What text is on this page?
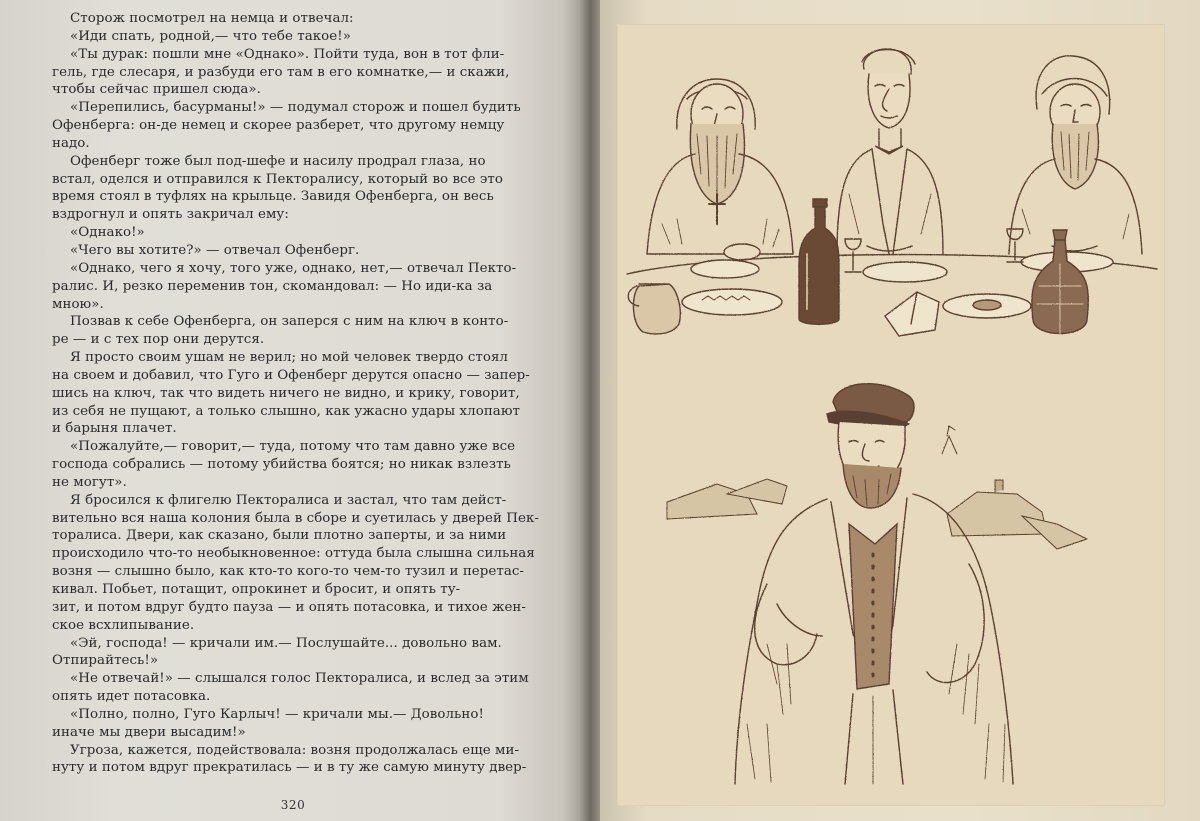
Сторож посмотрел на немца и отвечал:
«Иди спать, родной,— что тебе такое!»
«Ты дурак: пошли мне «Однако». Пойти туда, вон в тот фли-
гель, где слесаря, и разбуди его там в его комнатке,— и скажи,
чтобы сейчас пришел сюда».
«Перепились, басурманы!» — подумал сторож и пошел будить
Офенберга: он-де немец и скорее разберет, что другому немцу
надо.
Офенберг тоже был под-шефе и насилу продрал глаза, но
встал, оделся и отправился к Пекторалису, который во все это
время стоял в туфлях на крыльце. Завидя Офенберга, он весь
вздрогнул и опять закричал ему:
«Однако!»
«Чего вы хотите?» — отвечал Офенберг.
«Однако, чего я хочу, того уже, однако, нет,— отвечал Пекто-
ралис. И, резко переменив тон, скомандовал: — Но иди-ка за
мною».
Позвав к себе Офенберга, он заперся с ним на ключ в конто-
ре — и с тех пор они дерутся.
Я просто своим ушам не верил; но мой человек твердо стоял
на своем и добавил, что Гуго и Офенберг дерутся опасно — запер-
шись на ключ, так что видеть ничего не видно, и крику, говорит,
из себя не пущают, а только слышно, как ужасно удары хлопают
и барыня плачет.
«Пожалуйте,— говорит,— туда, потому что там давно уже все
господа собрались — потому убийства боятся; но никак взлезть
не могут».
Я бросился к флигелю Пекторалиса и застал, что там дейст-
вительно вся наша колония была в сборе и суетилась у дверей Пек-
торалиса. Двери, как сказано, были плотно заперты, и за ними
происходило что-то необыкновенное: оттуда была слышна сильная
возня — слышно было, как кто-то кого-то чем-то тузил и перетас-
кивал. Побьет, потащит, опрокинет и бросит, и опять ту-
зит, и потом вдруг будто пауза — и опять потасовка, и тихое жен-
ское всхлипывание.
«Эй, господа! — кричали им.— Послушайте... довольно вам.
Отпирайтесь!»
«Не отвечай!» — слышался голос Пекторалиса, и вслед за этим
опять идет потасовка.
«Полно, полно, Гуго Карлыч! — кричали мы.— Довольно!
иначе мы двери высадим!»
Угроза, кажется, подействовала: возня продолжалась еще ми-
нуту и потом вдруг прекратилась — и в ту же самую минуту двер-
320
